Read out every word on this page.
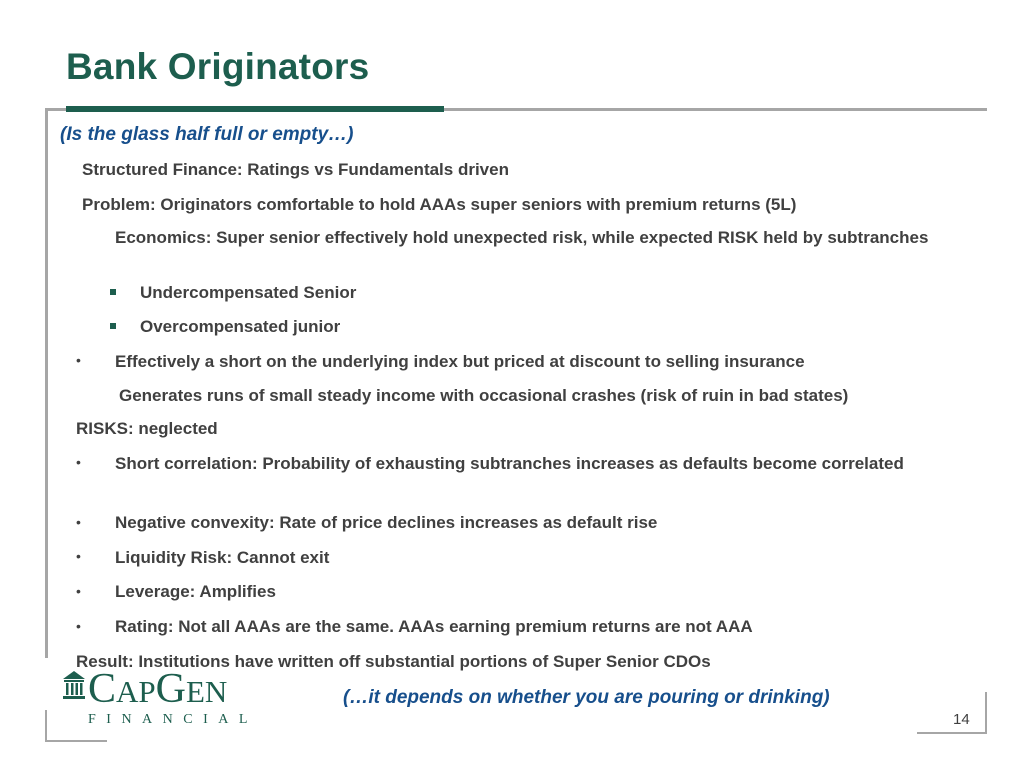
Bank Originators
(Is the glass half full or empty…)
Structured Finance: Ratings vs Fundamentals driven
Problem: Originators comfortable to hold AAAs super seniors with premium returns (5L)
Economics: Super senior effectively hold unexpected risk, while expected RISK held by subtranches
Undercompensated Senior
Overcompensated junior
• Effectively a short on the underlying index but priced at discount to selling insurance
Generates runs of small steady income with occasional crashes (risk of ruin in bad states)
RISKS: neglected
• Short correlation: Probability of exhausting subtranches increases as defaults become correlated
• Negative convexity: Rate of price declines increases as default rise
• Liquidity Risk: Cannot exit
• Leverage: Amplifies
• Rating: Not all AAAs are the same. AAAs earning premium returns are not AAA
Result: Institutions have written off substantial portions of Super Senior CDOs
CAPGEN
FINANCIAL
(…it depends on whether you are pouring or drinking)
14
